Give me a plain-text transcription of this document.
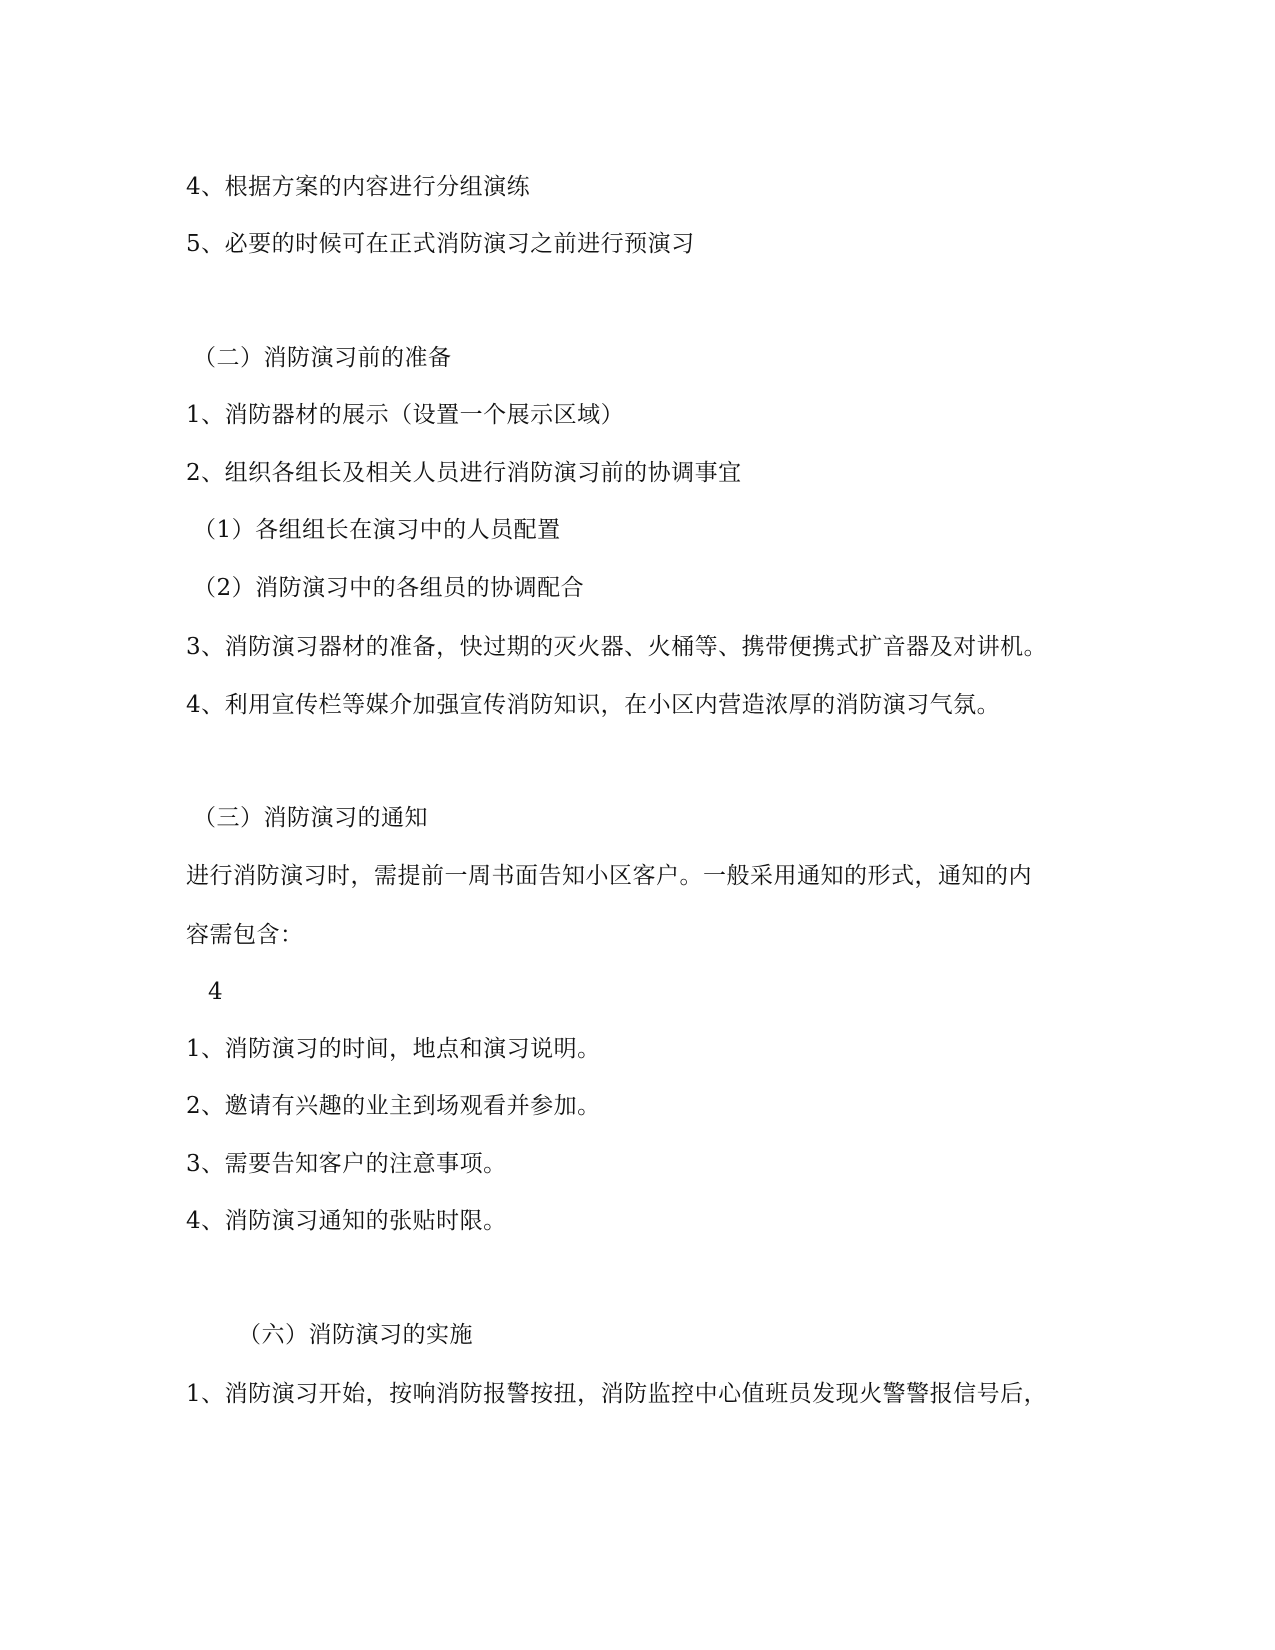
4、根据方案的内容进行分组演练
5、必要的时候可在正式消防演习之前进行预演习
（二）消防演习前的准备
1、消防器材的展示（设置一个展示区域）
2、组织各组长及相关人员进行消防演习前的协调事宜
（1）各组组长在演习中的人员配置
（2）消防演习中的各组员的协调配合
3、消防演习器材的准备，快过期的灭火器、火桶等、携带便携式扩音器及对讲机。
4、利用宣传栏等媒介加强宣传消防知识，在小区内营造浓厚的消防演习气氛。
（三）消防演习的通知
进行消防演习时，需提前一周书面告知小区客户。一般采用通知的形式，通知的内
容需包含：
4
1、消防演习的时间，地点和演习说明。
2、邀请有兴趣的业主到场观看并参加。
3、需要告知客户的注意事项。
4、消防演习通知的张贴时限。
（六）消防演习的实施
1、消防演习开始，按响消防报警按扭，消防监控中心值班员发现火警警报信号后，
